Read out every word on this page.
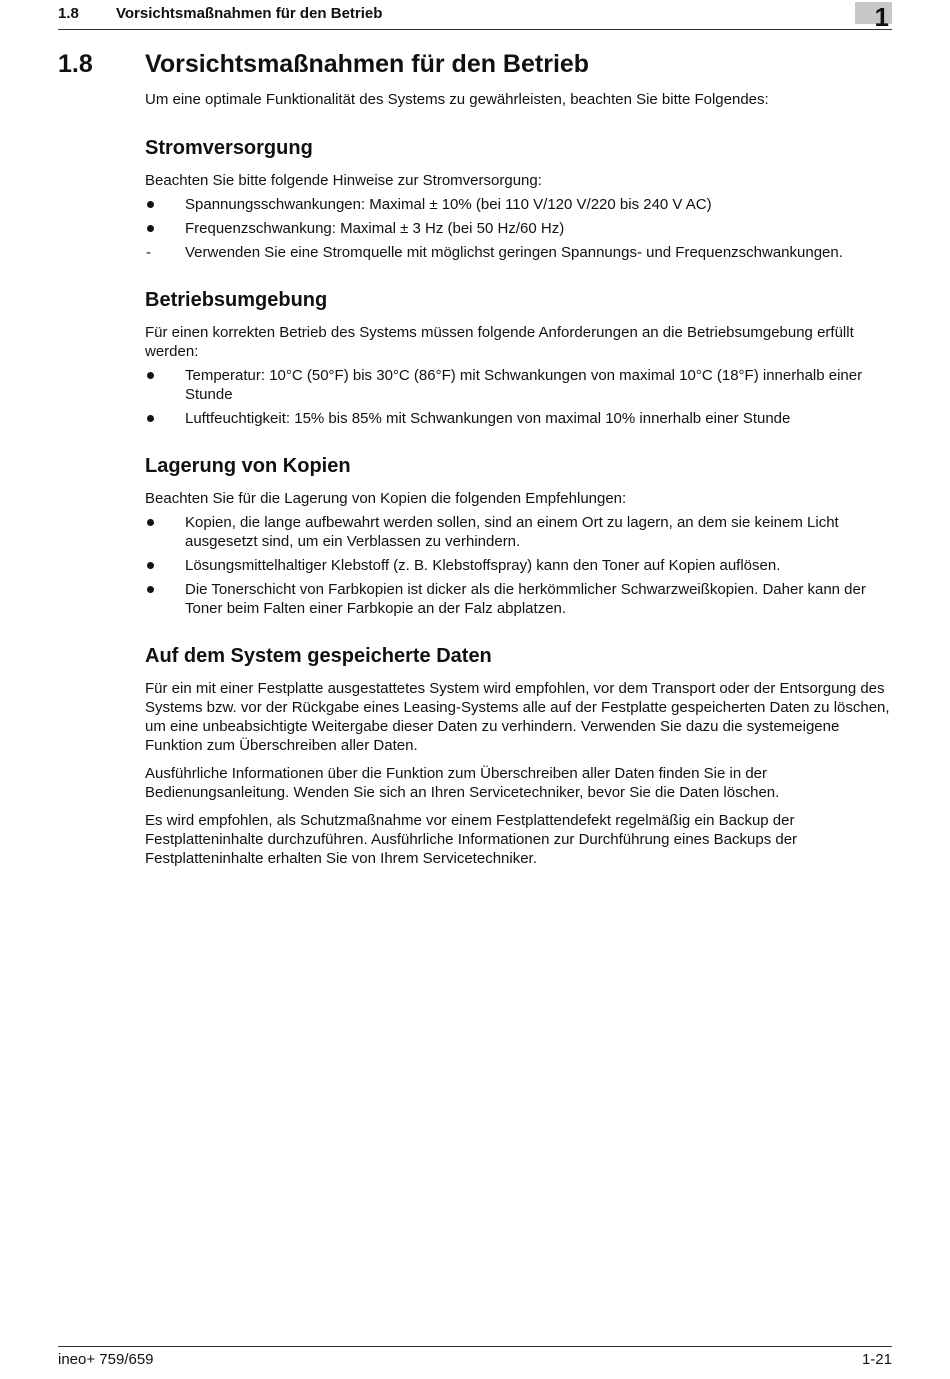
1.8 Vorsichtsmaßnahmen für den Betrieb	1
1.8 Vorsichtsmaßnahmen für den Betrieb

Um eine optimale Funktionalität des Systems zu gewährleisten, beachten Sie bitte Folgendes:

Stromversorgung

Beachten Sie bitte folgende Hinweise zur Stromversorgung:

Spannungsschwankungen: Maximal ± 10% (bei 110 V/120 V/220 bis 240 V AC)
Frequenzschwankung: Maximal ± 3 Hz (bei 50 Hz/60 Hz)
-	Verwenden Sie eine Stromquelle mit möglichst geringen Spannungs- und Frequenzschwankungen.
Betriebsumgebung

Für einen korrekten Betrieb des Systems müssen folgende Anforderungen an die Betriebsumgebung erfüllt werden:

Temperatur: 10°C (50°F) bis 30°C (86°F) mit Schwankungen von maximal 10°C (18°F) innerhalb einer Stunde
Luftfeuchtigkeit: 15% bis 85% mit Schwankungen von maximal 10% innerhalb einer Stunde
Lagerung von Kopien

Beachten Sie für die Lagerung von Kopien die folgenden Empfehlungen:

Kopien, die lange aufbewahrt werden sollen, sind an einem Ort zu lagern, an dem sie keinem Licht ausgesetzt sind, um ein Verblassen zu verhindern.
Lösungsmittelhaltiger Klebstoff (z. B. Klebstoffspray) kann den Toner auf Kopien auflösen.
Die Tonerschicht von Farbkopien ist dicker als die herkömmlicher Schwarzweißkopien. Daher kann der Toner beim Falten einer Farbkopie an der Falz abplatzen.
Auf dem System gespeicherte Daten

Für ein mit einer Festplatte ausgestattetes System wird empfohlen, vor dem Transport oder der Entsorgung des Systems bzw. vor der Rückgabe eines Leasing-Systems alle auf der Festplatte gespeicherten Daten zu löschen, um eine unbeabsichtigte Weitergabe dieser Daten zu verhindern. Verwenden Sie dazu die systemeigene Funktion zum Überschreiben aller Daten.

Ausführliche Informationen über die Funktion zum Überschreiben aller Daten finden Sie in der Bedienungsanleitung. Wenden Sie sich an Ihren Servicetechniker, bevor Sie die Daten löschen.

Es wird empfohlen, als Schutzmaßnahme vor einem Festplattendefekt regelmäßig ein Backup der Festplatteninhalte durchzuführen. Ausführliche Informationen zur Durchführung eines Backups der Festplatteninhalte erhalten Sie von Ihrem Servicetechniker.

ineo+ 759/659	1-21
